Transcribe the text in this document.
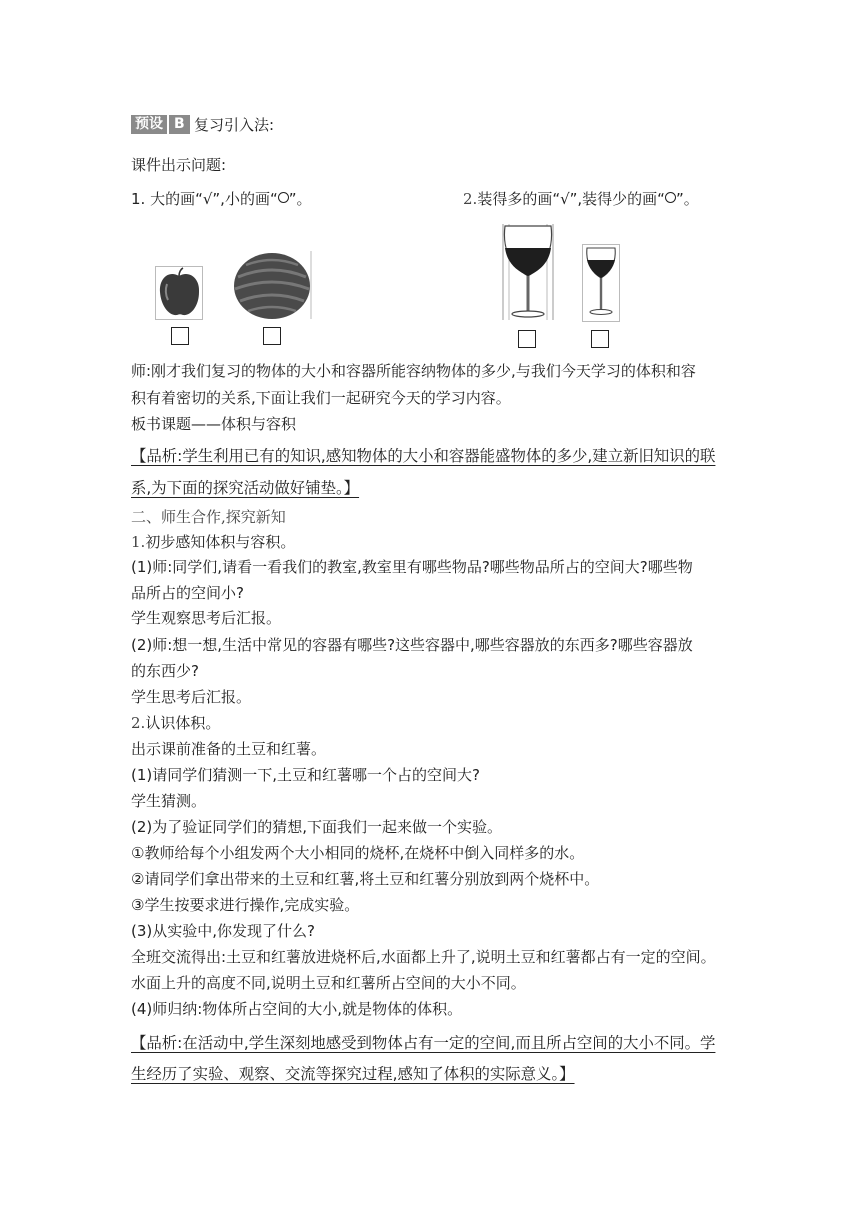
预设 B 复习引入法:
课件出示问题:
1. 大的画“√”,小的画“ ”。	2.装得多的画“√”,装得少的画“ ”。
师:刚才我们复习的物体的大小和容器所能容纳物体的多少,与我们今天学习的体积和容
积有着密切的关系,下面让我们一起研究今天的学习内容。
板书课题——体积与容积
【品析:学生利用已有的知识,感知物体的大小和容器能盛物体的多少,建立新旧知识的联
系,为下面的探究活动做好铺垫。】
二、师生合作,探究新知
1.初步感知体积与容积。
(1)师:同学们,请看一看我们的教室,教室里有哪些物品?哪些物品所占的空间大?哪些物
品所占的空间小?
学生观察思考后汇报。
(2)师:想一想,生活中常见的容器有哪些?这些容器中,哪些容器放的东西多?哪些容器放
的东西少?
学生思考后汇报。
2.认识体积。
出示课前准备的土豆和红薯。
(1)请同学们猜测一下,土豆和红薯哪一个占的空间大?
学生猜测。
(2)为了验证同学们的猜想,下面我们一起来做一个实验。
①教师给每个小组发两个大小相同的烧杯,在烧杯中倒入同样多的水。
②请同学们拿出带来的土豆和红薯,将土豆和红薯分别放到两个烧杯中。
③学生按要求进行操作,完成实验。
(3)从实验中,你发现了什么?
全班交流得出:土豆和红薯放进烧杯后,水面都上升了,说明土豆和红薯都占有一定的空间。
水面上升的高度不同,说明土豆和红薯所占空间的大小不同。
(4)师归纳:物体所占空间的大小,就是物体的体积。
【品析:在活动中,学生深刻地感受到物体占有一定的空间,而且所占空间的大小不同。学
生经历了实验、观察、交流等探究过程,感知了体积的实际意义。】
